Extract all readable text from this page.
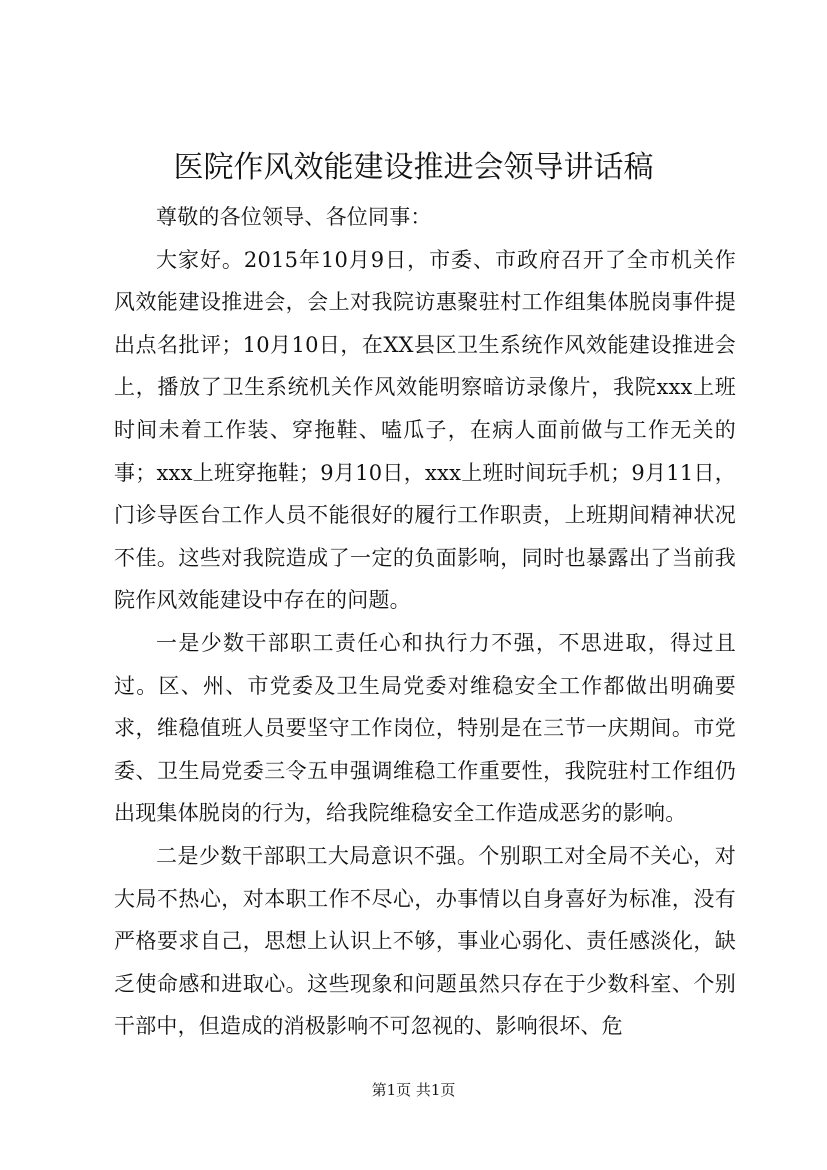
医院作风效能建设推进会领导讲话稿

尊敬的各位领导、各位同事：

大家好。2015年10月9日，市委、市政府召开了全市机关作风效能建设推进会，会上对我院访惠聚驻村工作组集体脱岗事件提出点名批评；10月10日，在XX县区卫生系统作风效能建设推进会上，播放了卫生系统机关作风效能明察暗访录像片，我院xxx上班时间未着工作装、穿拖鞋、嗑瓜子，在病人面前做与工作无关的事；xxx上班穿拖鞋；9月10日，xxx上班时间玩手机；9月11日，门诊导医台工作人员不能很好的履行工作职责，上班期间精神状况不佳。这些对我院造成了一定的负面影响，同时也暴露出了当前我院作风效能建设中存在的问题。

一是少数干部职工责任心和执行力不强，不思进取，得过且过。区、州、市党委及卫生局党委对维稳安全工作都做出明确要求，维稳值班人员要坚守工作岗位，特别是在三节一庆期间。市党委、卫生局党委三令五申强调维稳工作重要性，我院驻村工作组仍出现集体脱岗的行为，给我院维稳安全工作造成恶劣的影响。

二是少数干部职工大局意识不强。个别职工对全局不关心，对大局不热心，对本职工作不尽心，办事情以自身喜好为标准，没有严格要求自己，思想上认识上不够，事业心弱化、责任感淡化，缺乏使命感和进取心。这些现象和问题虽然只存在于少数科室、个别干部中，但造成的消极影响不可忽视的、影响很坏、危

第1页 共1页
